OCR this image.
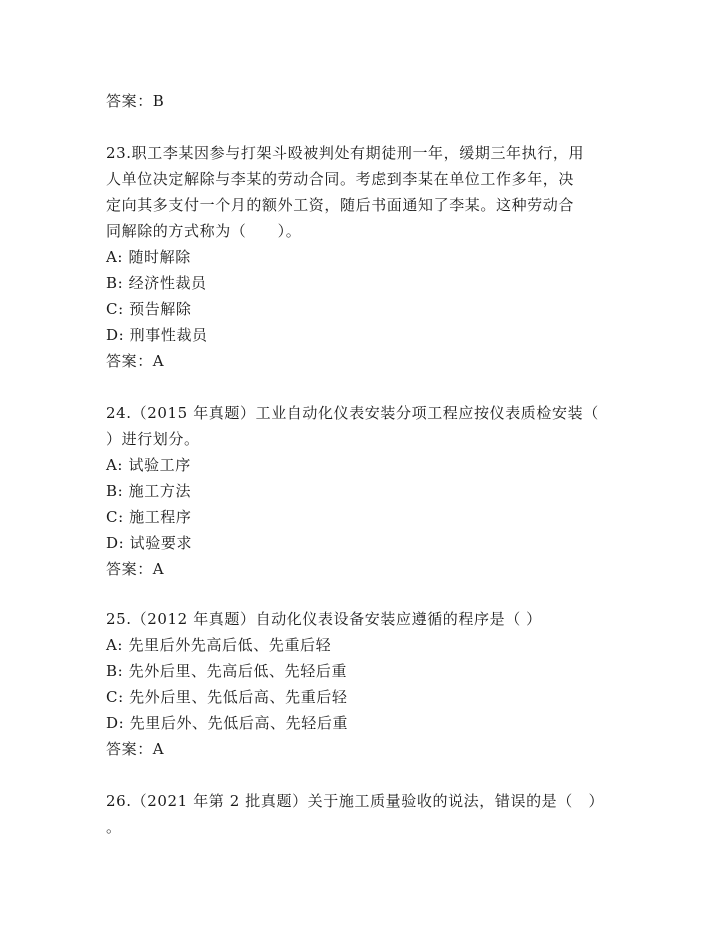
答案：B
23.职工李某因参与打架斗殴被判处有期徒刑一年，缓期三年执行，用
人单位决定解除与李某的劳动合同。考虑到李某在单位工作多年，决
定向其多支付一个月的额外工资，随后书面通知了李某。这种劳动合
同解除的方式称为（　　）。
A: 随时解除
B: 经济性裁员
C: 预告解除
D: 刑事性裁员
答案：A
24.（2015 年真题）工业自动化仪表安装分项工程应按仪表质检安装（
）进行划分。
A: 试验工序
B: 施工方法
C: 施工程序
D: 试验要求
答案：A
25.（2012 年真题）自动化仪表设备安装应遵循的程序是（ ）
A: 先里后外先高后低、先重后轻
B: 先外后里、先高后低、先轻后重
C: 先外后里、先低后高、先重后轻
D: 先里后外、先低后高、先轻后重
答案：A
26.（2021 年第 2 批真题）关于施工质量验收的说法，错误的是（　）
。
